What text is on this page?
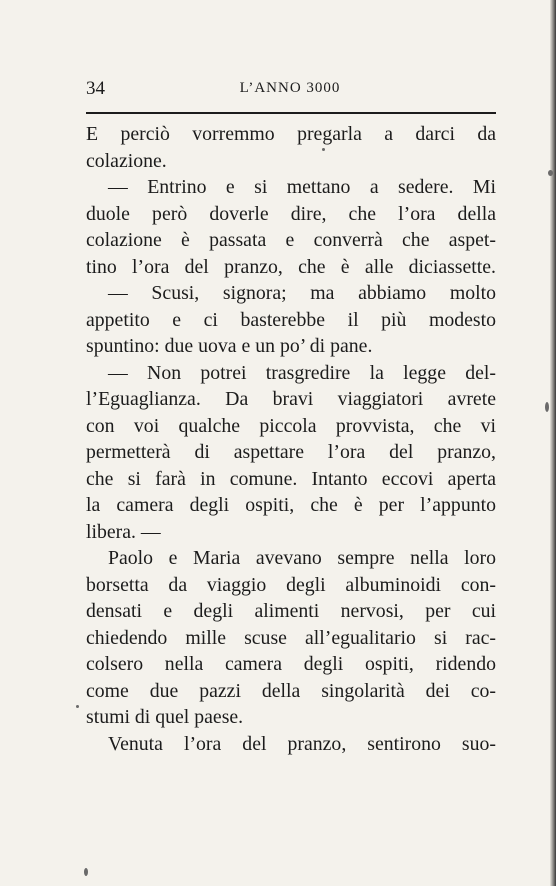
34	L’ANNO 3000
E perciò vorremmo pregarla a darci da
colazione.
— Entrino e si mettano a sedere. Mi
duole però doverle dire, che l’ora della
colazione è passata e converrà che aspet-
tino l’ora del pranzo, che è alle diciassette.
— Scusi, signora; ma abbiamo molto
appetito e ci basterebbe il più modesto
spuntino: due uova e un po’ di pane.
— Non potrei trasgredire la legge del-
l’Eguaglianza. Da bravi viaggiatori avrete
con voi qualche piccola provvista, che vi
permetterà di aspettare l’ora del pranzo,
che si farà in comune. Intanto eccovi aperta
la camera degli ospiti, che è per l’appunto
libera. —
Paolo e Maria avevano sempre nella loro
borsetta da viaggio degli albuminoidi con-
densati e degli alimenti nervosi, per cui
chiedendo mille scuse all’egualitario si rac-
colsero nella camera degli ospiti, ridendo
come due pazzi della singolarità dei co-
stumi di quel paese.
Venuta l’ora del pranzo, sentirono suo-
